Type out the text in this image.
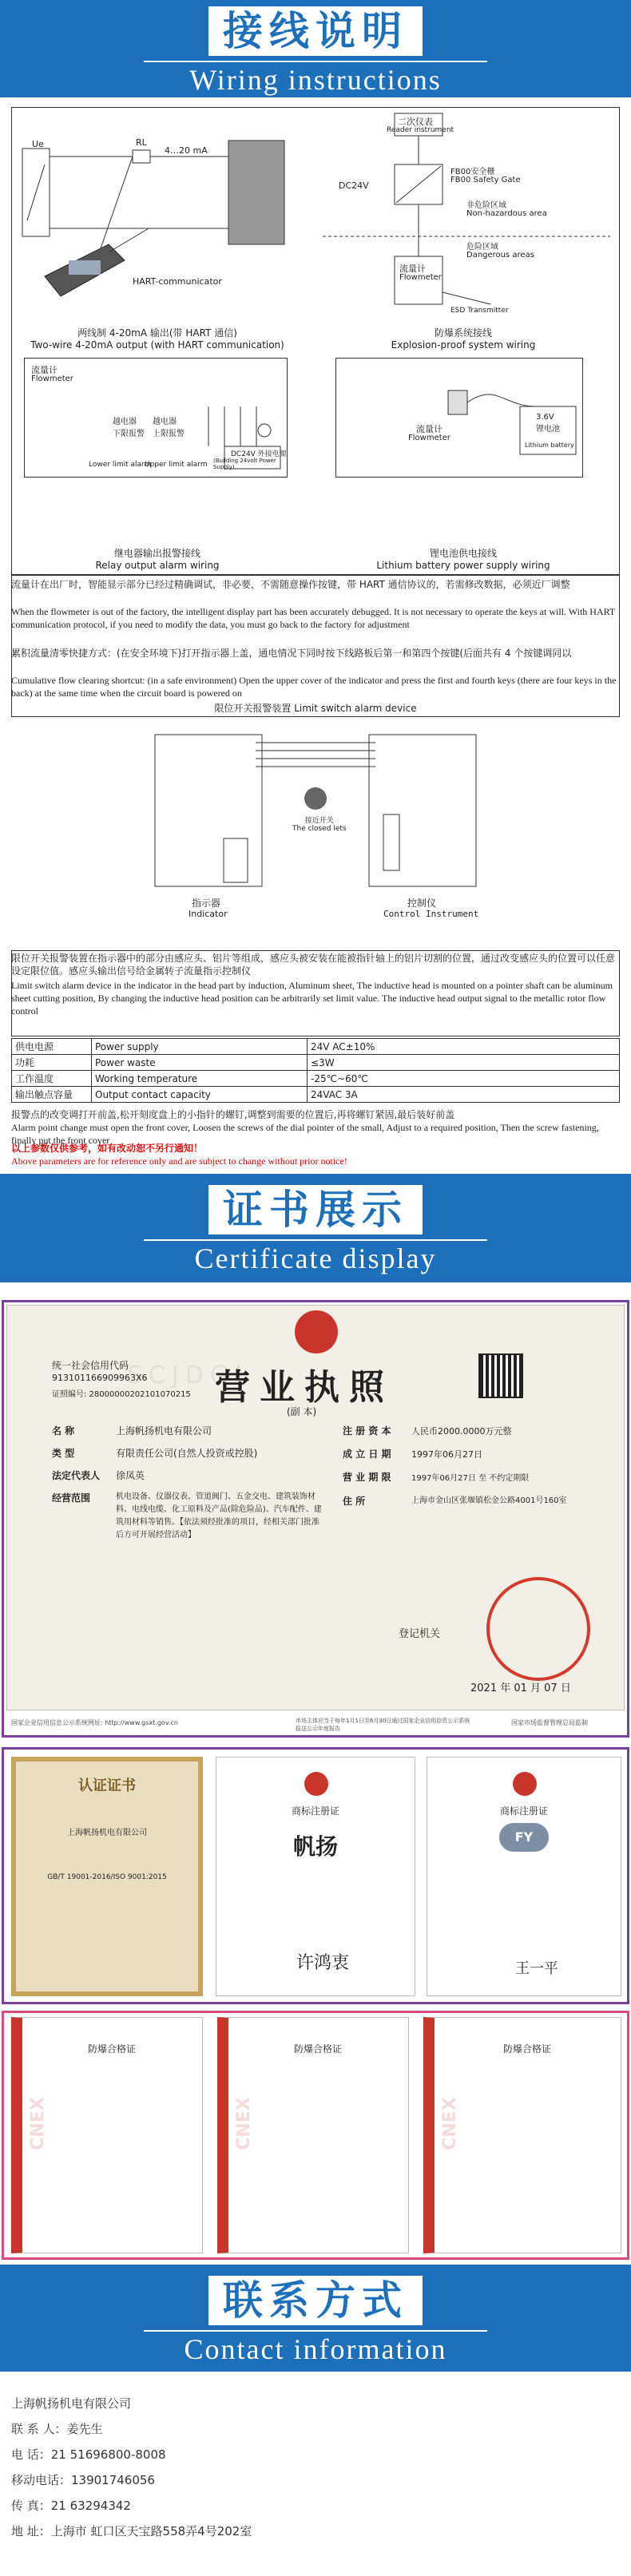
接线说明
Wiring instructions
Ue	RL
4…20 mA
HART-communicator
两线制 4-20mA 输出(带 HART 通信)
Two-wire 4-20mA output (with HART communication)
二次仪表
Reader instrument
DC24V
FB00安全栅
FB00 Safety Gate
非危险区域
Non-hazardous area
危险区域
Dangerous areas
流量计
Flowmeter
ESD Transmitter
防爆系统接线
Explosion-proof system wiring
流量计
Flowmeter
越电器
下限报警
越电器
上限报警
Lower limit alarm
Upper limit alarm
DC24V 外接电源
(Building 24volt Power Supply)
继电器输出报警接线
Relay output alarm wiring
流量计
Flowmeter
3.6V
锂电池
Lithium battery
锂电池供电接线
Lithium battery power supply wiring
流量计在出厂时，智能显示部分已经过精确调试，非必要，不需随意操作按键，带 HART 通信协议的，若需修改数据，必须近厂调整
When the flowmeter is out of the factory, the intelligent display part has been accurately debugged. It is not necessary to operate the keys at will. With HART communication protocol, if you need to modify the data, you must go back to the factory for adjustment
累积流量清零快捷方式：(在安全环境下)打开指示器上盖，通电情况下同时按下线路板后第一和第四个按键(后面共有 4 个按键调同以
Cumulative flow clearing shortcut: (in a safe environment) Open the upper cover of the indicator and press the first and fourth keys (there are four keys in the back) at the same time when the circuit board is powered on
限位开关报警装置 Limit switch alarm device
接近开关
The closed lets
指示器
Indicator
控制仪
Control Instrument
限位开关报警装置在指示器中的部分由感应头、铝片等组成，感应头被安装在能被指针轴上的铝片切割的位置，通过改变感应头的位置可以任意设定限位值。感应头输出信号给金属转子流量指示控制仪
Limit switch alarm device in the indicator in the head part by induction, Aluminum sheet, The inductive head is mounted on a pointer shaft can be aluminum sheet cutting position, By changing the inductive head position can be arbitrarily set limit value. The inductive head output signal to the metallic rotor flow control
供电电源	Power supply	24V AC±10%
功耗	Power waste	≤3W
工作温度	Working temperature	-25℃~60℃
输出触点容量	Output contact capacity	24VAC 3A
报警点的改变调打开前盖,松开刻度盘上的小指针的螺钉,调整到需要的位置后,再将螺钉紧固,最后装好前盖
Alarm point change must open the front cover, Loosen the screws of the dial pointer of the small, Adjust to a required position, Then the screw fastening, finally put the front cover
以上参数仅供参考，如有改动恕不另行通知！
Above parameters are for reference only and are subject to change without prior notice!
证书展示
Certificate display
SCJDGL
统一社会信用代码
913101166909963X6
证照编号: 28000000202101070215 营业执照
(副 本)
名 称	上海帆扬机电有限公司
类 型	有限责任公司(自然人投资或控股)
法定代表人 徐凤英
经营范围	机电设备、仪器仪表、管道阀门、五金交电、建筑装饰材料、电线电缆、化工原料及产品(除危险品)、汽车配件、建筑用材料等销售。【依法须经批准的项目，经相关部门批准后方可开展经营活动】
注 册 资 本 人民币2000.0000万元整
成 立 日 期 1997年06月27日
营 业 期 限	1997年06月27日 至 不约定期限
住 所	上海市金山区张堰镇松金公路4001号160室
登记机关
2021 年 01 月 07 日
国家企业信用信息公示系统网址: http://www.gsxt.gov.cn	市场主体应当于每年1月1日至6月30日通过国家企业信用信息公示系统报送公示年度报告
国家市场监督管理总局监制
认证证书
上海帆扬机电有限公司
GB/T 19001-2016/ISO 9001:2015
商标注册证
帆扬
许鸿衷
商标注册证
FY
王一平
防爆合格证
CNEX
防爆合格证
CNEX
防爆合格证
CNEX
联系方式
Contact information
上海帆扬机电有限公司
联 系 人：姜先生
电 话：21 51696800-8008
移动电话：13901746056
传 真：21 63294342
地 址：上海市 虹口区天宝路558弄4号202室
